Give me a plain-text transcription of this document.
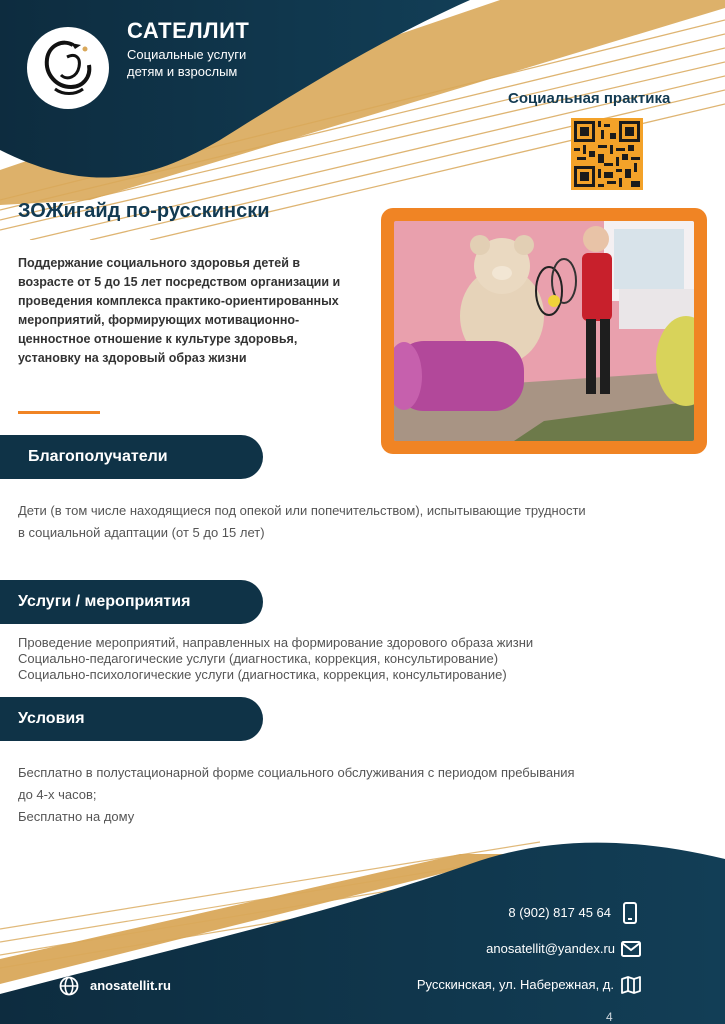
САТЕЛЛИТ
Социальные услуги
детям и взрослым
Социальная практика
ЗОЖигайд по-русскински
Поддержание социального здоровья детей в возрасте от 5 до 15 лет посредством организации и проведения комплекса практико-ориентированных мероприятий, формирующих мотивационно-ценностное отношение к культуре здоровья, установку на здоровый образ жизни
Благополучатели
Дети (в том числе находящиеся под опекой или попечительством), испытывающие трудности
в социальной адаптации (от 5 до 15 лет)
Услуги / мероприятия
Проведение мероприятий, направленных на формирование здорового образа жизни
Социально-педагогические услуги (диагностика, коррекция, консультирование)
Социально-психологические услуги (диагностика, коррекция, консультирование)
Условия
Бесплатно в полустационарной форме социального обслуживания с периодом пребывания
до 4-х часов;
Бесплатно на дому
8 (902) 817 45 64
anosatellit@yandex.ru
Русскинская, ул. Набережная, д.
anosatellit.ru
4
